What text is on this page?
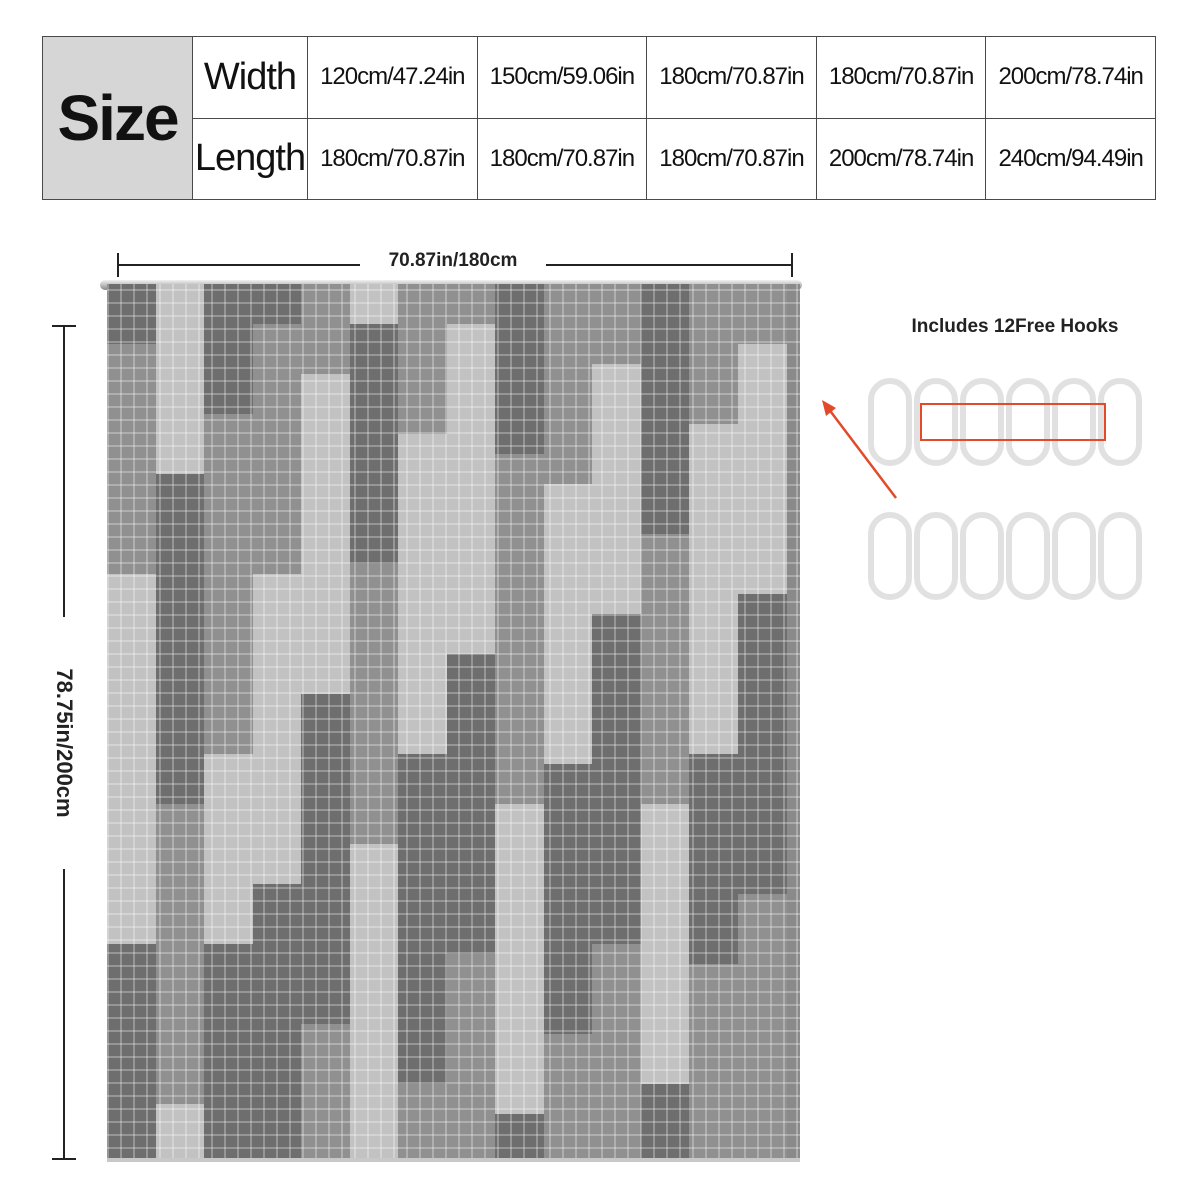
Size
Width	120cm/47.24in	150cm/59.06in	180cm/70.87in	180cm/70.87in	200cm/78.74in
Length 180cm/70.87in	180cm/70.87in	180cm/70.87in	200cm/78.74in	240cm/94.49in
70.87in/180cm
78.75in/200cm
Includes 12Free Hooks
